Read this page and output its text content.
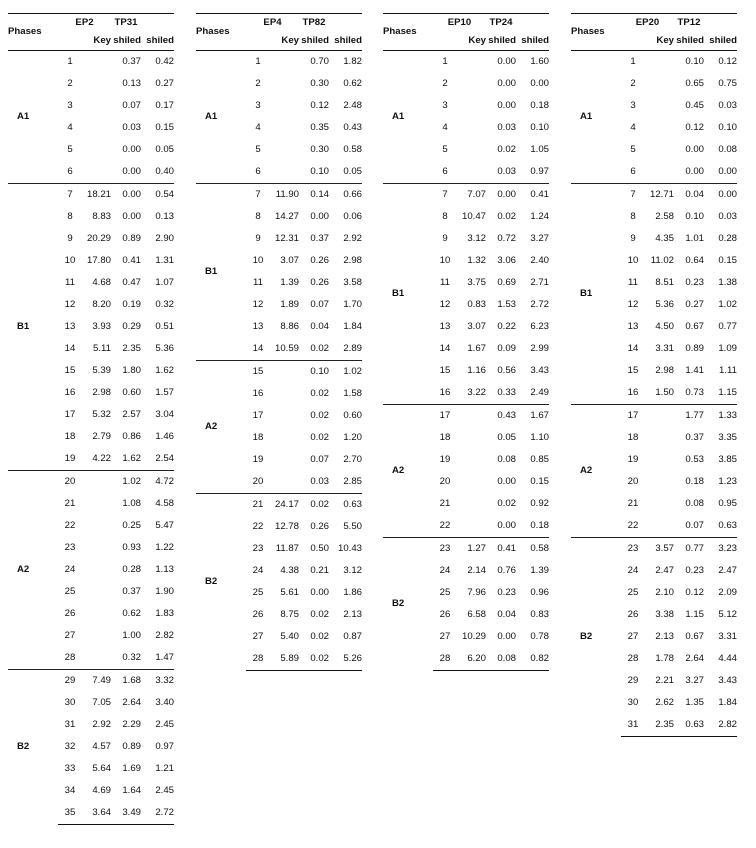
Phases	EP2		TP31	
		Key	shiled	shiled
A1	1		0.37	0.42
	2		0.13	0.27
	3		0.07	0.17
	4		0.03	0.15
	5		0.00	0.05
	6		0.00	0.40
B1	7	18.21	0.00	0.54
	8	8.83	0.00	0.13
	9	20.29	0.89	2.90
	10	17.80	0.41	1.31
	11	4.68	0.47	1.07
	12	8.20	0.19	0.32
	13	3.93	0.29	0.51
	14	5.11	2.35	5.36
	15	5.39	1.80	1.62
	16	2.98	0.60	1.57
	17	5.32	2.57	3.04
	18	2.79	0.86	1.46
	19	4.22	1.62	2.54
A2	20		1.02	4.72
	21		1.08	4.58
	22		0.25	5.47
	23		0.93	1.22
	24		0.28	1.13
	25		0.37	1.90
	26		0.62	1.83
	27		1.00	2.82
	28		0.32	1.47
B2	29	7.49	1.68	3.32
	30	7.05	2.64	3.40
	31	2.92	2.29	2.45
	32	4.57	0.89	0.97
	33	5.64	1.69	1.21
	34	4.69	1.64	2.45
	35	3.64	3.49	2.72
Phases	EP4		TP82	
		Key	shiled	shiled
A1	1		0.70	1.82
	2		0.30	0.62
	3		0.12	2.48
	4		0.35	0.43
	5		0.30	0.58
	6		0.10	0.05
B1	7	11.90	0.14	0.66
	8	14.27	0.00	0.06
	9	12.31	0.37	2.92
	10	3.07	0.26	2.98
	11	1.39	0.26	3.58
	12	1.89	0.07	1.70
	13	8.86	0.04	1.84
	14	10.59	0.02	2.89
A2	15		0.10	1.02
	16		0.02	1.58
	17		0.02	0.60
	18		0.02	1.20
	19		0.07	2.70
	20		0.03	2.85
B2	21	24.17	0.02	0.63
	22	12.78	0.26	5.50
	23	11.87	0.50	10.43
	24	4.38	0.21	3.12
	25	5.61	0.00	1.86
	26	8.75	0.02	2.13
	27	5.40	0.02	0.87
	28	5.89	0.02	5.26
Phases	EP10		TP24	
		Key	shiled	shiled
A1	1		0.00	1.60
	2		0.00	0.00
	3		0.00	0.18
	4		0.03	0.10
	5		0.02	1.05
	6		0.03	0.97
B1	7	7.07	0.00	0.41
	8	10.47	0.02	1.24
	9	3.12	0.72	3.27
	10	1.32	3.06	2.40
	11	3.75	0.69	2.71
	12	0.83	1.53	2.72
	13	3.07	0.22	6.23
	14	1.67	0.09	2.99
	15	1.16	0.56	3.43
	16	3.22	0.33	2.49
A2	17		0.43	1.67
	18		0.05	1.10
	19		0.08	0.85
	20		0.00	0.15
	21		0.02	0.92
	22		0.00	0.18
B2	23	1.27	0.41	0.58
	24	2.14	0.76	1.39
	25	7.96	0.23	0.96
	26	6.58	0.04	0.83
	27	10.29	0.00	0.78
	28	6.20	0.08	0.82
Phases	EP20		TP12	
		Key	shiled	shiled
A1	1		0.10	0.12
	2		0.65	0.75
	3		0.45	0.03
	4		0.12	0.10
	5		0.00	0.08
	6		0.00	0.00
B1	7	12.71	0.04	0.00
	8	2.58	0.10	0.03
	9	4.35	1.01	0.28
	10	11.02	0.64	0.15
	11	8.51	0.23	1.38
	12	5.36	0.27	1.02
	13	4.50	0.67	0.77
	14	3.31	0.89	1.09
	15	2.98	1.41	1.11
	16	1.50	0.73	1.15
A2	17		1.77	1.33
	18		0.37	3.35
	19		0.53	3.85
	20		0.18	1.23
	21		0.08	0.95
	22		0.07	0.63
B2	23	3.57	0.77	3.23
	24	2.47	0.23	2.47
	25	2.10	0.12	2.09
	26	3.38	1.15	5.12
	27	2.13	0.67	3.31
	28	1.78	2.64	4.44
	29	2.21	3.27	3.43
	30	2.62	1.35	1.84
	31	2.35	0.63	2.82
